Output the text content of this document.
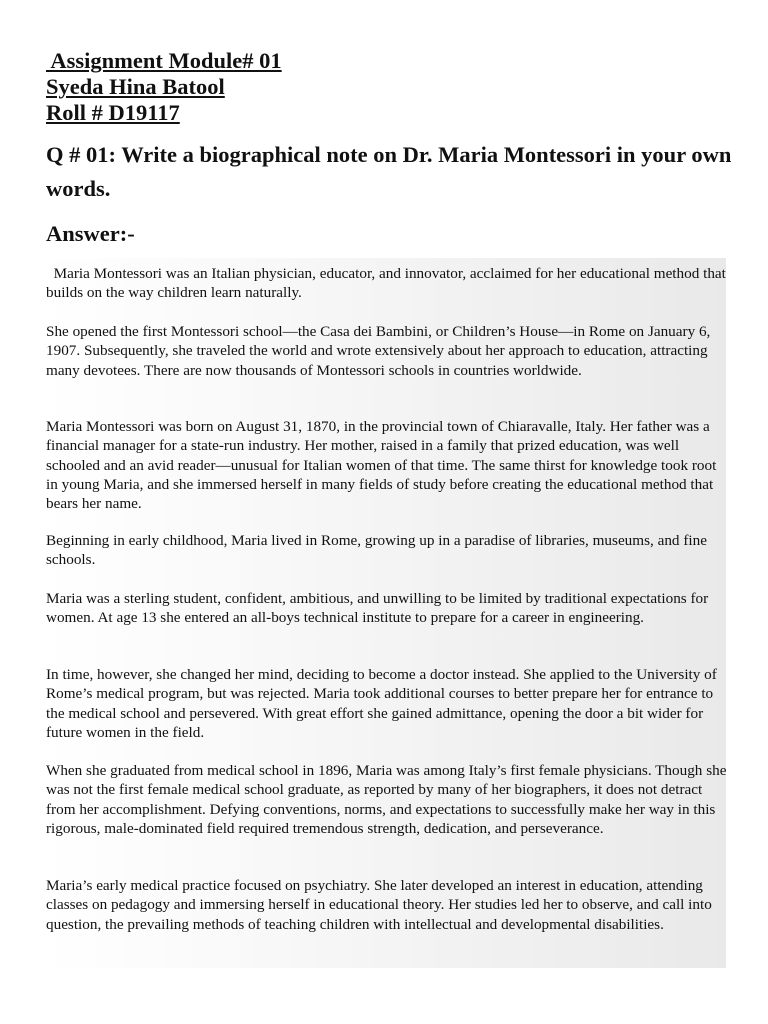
Assignment Module# 01
Syeda Hina Batool
Roll # D19117
Q # 01: Write a biographical note on Dr. Maria Montessori in your own words.
Answer:-

Maria Montessori was an Italian physician, educator, and innovator, acclaimed for her educational method that builds on the way children learn naturally.

She opened the first Montessori school—the Casa dei Bambini, or Children’s House—in Rome on January 6, 1907. Subsequently, she traveled the world and wrote extensively about her approach to education, attracting many devotees. There are now thousands of Montessori schools in countries worldwide.

Maria Montessori was born on August 31, 1870, in the provincial town of Chiaravalle, Italy. Her father was a financial manager for a state-run industry. Her mother, raised in a family that prized education, was well schooled and an avid reader—unusual for Italian women of that time. The same thirst for knowledge took root in young Maria, and she immersed herself in many fields of study before creating the educational method that bears her name.

Beginning in early childhood, Maria lived in Rome, growing up in a paradise of libraries, museums, and fine schools.

Maria was a sterling student, confident, ambitious, and unwilling to be limited by traditional expectations for women. At age 13 she entered an all-boys technical institute to prepare for a career in engineering.

In time, however, she changed her mind, deciding to become a doctor instead. She applied to the University of Rome’s medical program, but was rejected. Maria took additional courses to better prepare her for entrance to the medical school and persevered. With great effort she gained admittance, opening the door a bit wider for future women in the field.

When she graduated from medical school in 1896, Maria was among Italy’s first female physicians. Though she was not the first female medical school graduate, as reported by many of her biographers, it does not detract from her accomplishment. Defying conventions, norms, and expectations to successfully make her way in this rigorous, male-dominated field required tremendous strength, dedication, and perseverance.

Maria’s early medical practice focused on psychiatry. She later developed an interest in education, attending classes on pedagogy and immersing herself in educational theory. Her studies led her to observe, and call into question, the prevailing methods of teaching children with intellectual and developmental disabilities.
